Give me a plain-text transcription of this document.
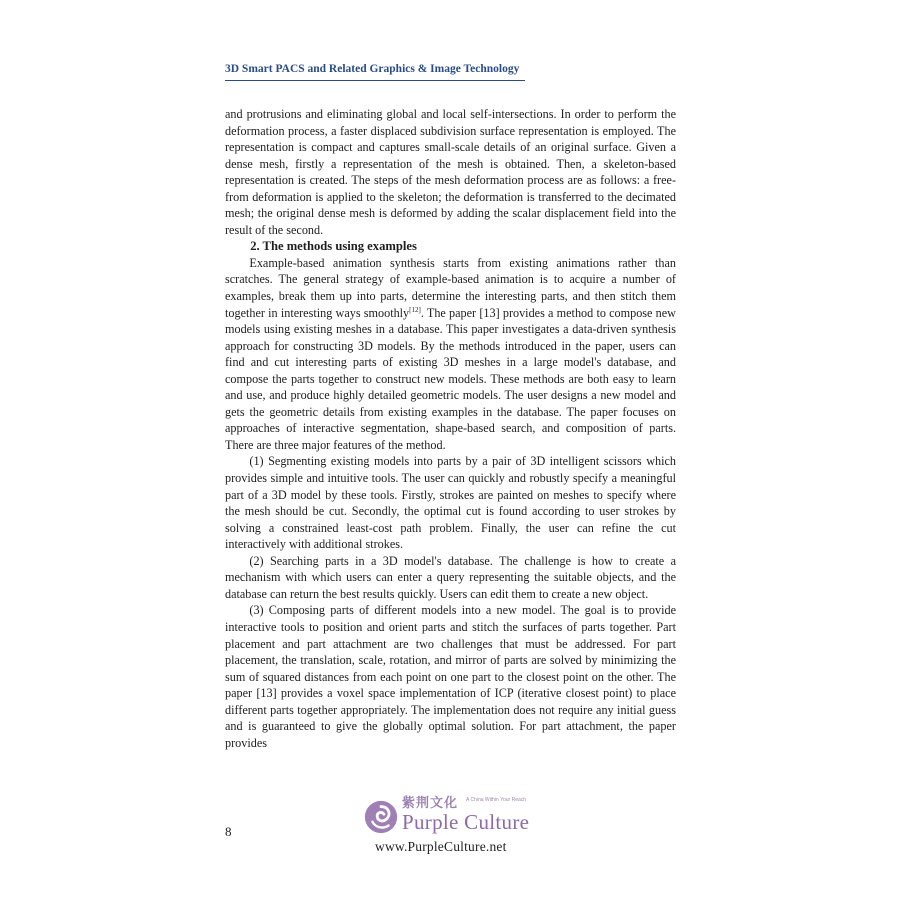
3D Smart PACS and Related Graphics & Image Technology

and protrusions and eliminating global and local self-intersections. In order to perform the deformation process, a faster displaced subdivision surface representation is employed. The representation is compact and captures small-scale details of an original surface. Given a dense mesh, firstly a representation of the mesh is obtained. Then, a skeleton-based representation is created. The steps of the mesh deformation process are as follows: a free-from deformation is applied to the skeleton; the deformation is transferred to the decimated mesh; the original dense mesh is deformed by adding the scalar displacement field into the result of the second.

2. The methods using examples

Example-based animation synthesis starts from existing animations rather than scratches. The general strategy of example-based animation is to acquire a number of examples, break them up into parts, determine the interesting parts, and then stitch them together in interesting ways smoothly[12]. The paper [13] provides a method to compose new models using existing meshes in a database. This paper investigates a data-driven synthesis approach for constructing 3D models. By the methods introduced in the paper, users can find and cut interesting parts of existing 3D meshes in a large model's database, and compose the parts together to construct new models. These methods are both easy to learn and use, and produce highly detailed geometric models. The user designs a new model and gets the geometric details from existing examples in the database. The paper focuses on approaches of interactive segmentation, shape-based search, and composition of parts. There are three major features of the method.

(1) Segmenting existing models into parts by a pair of 3D intelligent scissors which provides simple and intuitive tools. The user can quickly and robustly specify a meaningful part of a 3D model by these tools. Firstly, strokes are painted on meshes to specify where the mesh should be cut. Secondly, the optimal cut is found according to user strokes by solving a constrained least-cost path problem. Finally, the user can refine the cut interactively with additional strokes.

(2) Searching parts in a 3D model's database. The challenge is how to create a mechanism with which users can enter a query representing the suitable objects, and the database can return the best results quickly. Users can edit them to create a new object.

(3) Composing parts of different models into a new model. The goal is to provide interactive tools to position and orient parts and stitch the surfaces of parts together. Part placement and part attachment are two challenges that must be addressed. For part placement, the translation, scale, rotation, and mirror of parts are solved by minimizing the sum of squared distances from each point on one part to the closest point on the other. The paper [13] provides a voxel space implementation of ICP (iterative closest point) to place different parts together appropriately. The implementation does not require any initial guess and is guaranteed to give the globally optimal solution. For part attachment, the paper provides

8
紫荆文化 A China Within Your Reach
Purple Culture
www.PurpleCulture.net
